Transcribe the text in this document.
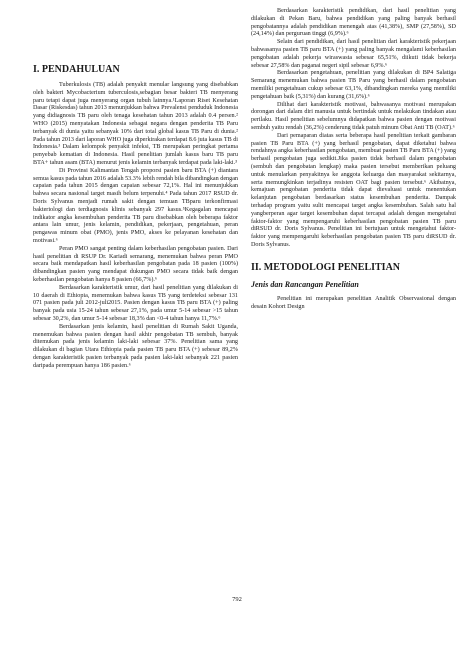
I. PENDAHULUAN

Tuberkulosis (TB) adalah penyakit menular langsung yang disebabkan oleh bakteri Mycobacterium tuberculosis,sebagian besar bakteri TB menyerang paru tetapi dapat juga menyerang organ tubuh lainnya.¹Laporan Riset Kesehatan Dasar (Riskesdas) tahun 2013 menunjukkan bahwa Prevalensi penduduk Indonesia yang didiagnosis TB paru oleh tenaga kesehatan tahun 2013 adalah 0.4 persen.² WHO (2015) menyatakan Indonesia sebagai negara dengan penderita TB Paru terbanyak di dunia yaitu sebanyak 10% dari total global kasus TB Paru di dunia.² Pada tahun 2013 dari laporan WHO juga diperkirakan terdapat 8.6 juta kasus TB di Indonesia.³ Dalam kelompok penyakit infeksi, TB merupakan peringkat pertama penyebab kematian di Indonesia. Hasil penelitian jumlah kasus baru TB paru BTA+ tahun asam (BTA) menurut jenis kelamin terbanyak terdapat pada laki-laki.³

Di Provinsi Kalimantan Tengah proporsi pasien baru BTA (+) diantara semua kasus pada tahun 2016 adalah 53.3% lebih rendah bila dibandingkan dengan capaian pada tahun 2015 dengan capaian sebesar 72,1%. Hal ini menunjukkan bahwa secara nasional target masih belum terpenuhi.⁴ Pada tahun 2017 RSUD dr. Doris Sylvanus menjadi rumah sakit dengan temuan TBparu terkonfirmasi bakteriologi dan terdiagnosis klinis sebanyak 297 kasus.⁵Kegagalan mencapai indikator angka kesembuhan penderita TB paru disebabkan oleh beberapa faktor antara lain umur, jenis kelamin, pendidikan, pekerjaan, pengetahuan, peran pengawas minum obat (PMO), jenis PMO, akses ke pelayanan kesehatan dan motivasi.⁶

Peran PMO sangat penting dalam keberhasilan pengobatan pasien. Dari hasil penelitian di RSUP Dr. Kariadi semarang, menemukan bahwa peran PMO secara baik mendapatkan hasil keberhasilan pengobatan pada 18 pasien (100%) dibandingkan pasien yang mendapat dukungan PMO secara tidak baik dengan keberhasilan pengobatan hanya 8 pasien (66,7%).⁶

Berdasarkan karakteristik umur, dari hasil penelitian yang dilakukan di 10 daerah di Ethiopia, menemukan bahwa kasus TB yang terdeteksi sebesar 131 071 pasien pada juli 2012-juli2015. Pasien dengan kasus TB paru BTA (+) paling banyak pada usia 15-24 tahun sebesar 27,1%, pada umur 5-14 sebesar >15 tahun sebesar 30,2%, dan umur 5-14 sebesar 18,3% dan <0-4 tahun hanya 11,7%.⁶

Berdasarkan jenis kelamin, hasil penelitian di Rumah Sakit Uganda, menemukan bahwa pasien dengan hasil akhir pengobatan TB sembuh, banyak ditemukan pada jenis kelamin laki-laki sebesar 37%. Penelitian sama yang dilakukan di bagian Utara Ethiopia pada pasien TB paru BTA (+) sebesar 89,2% dengan karakteristik pasien terbanyak pada pasien laki-laki sebanyak 221 pasien daripada perempuan hanya 186 pasien.⁶

Berdasarkan karakteristik pendidikan, dari hasil penelitian yang dilakukan di Pekan Baru, bahwa pendidikan yang paling banyak berhasil pengobatannya adalah pendidikan menengah atas (41,38%), SMP (27,58%), SD (24,14%) dan perguruan tinggi (6,9%).⁶

Selain dari pendidikan, dari hasil penelitian dari karakteristik pekerjaan bahwasanya pasien TB paru BTA (+) yang paling banyak mengalami keberhasilan pengobatan adalah pekerja wiraswasta sebesar 65,51%, diikuti tidak bekerja sebesar 27,58% dan paganai negeri sipil sebesar 6,9%.⁶

Berdasarkan pengetahuan, penelitian yang dilakukan di BP4 Salatiga Semarang menemukan bahwa pasien TB Paru yang berhasil dalam pengobatan memiliki pengetahuan cukup sebesar 63,1%, dibandingkan mereka yang memiliki pengetahuan baik (5,31%) dan kurang (31,6%).⁶

Dilihat dari karakteristik motivasi, bahwasanya motivasi merupakan dorongan dari dalam diri manusia untuk bertindak untuk melakukan tindakan atau perilaku. Hasil penelitian sebelumnya didapatkan bahwa pasien dengan motivasi sembuh yaitu rendah (36,2%) cenderung tidak patuh minum Obat Anti TB (OAT).⁶

Dari pemaparan diatas serta beberapa hasil penelitian terkait gambaran pasien TB Paru BTA (+) yang berhasil pengobatan, dapat diketahui bahwa rendahnya angka keberhasilan pengobatan, membuat pasien TB Paru BTA (+) yang berhasil pengobatan juga sedikit.Jika pasien tidak berhasil dalam pengobatan (sembuh dan pengobatan lengkap) maka pasien tersebut memberikan peluang untuk menularkan penyakitnya ke anggota keluarga dan masyarakat sekitarnya, serta memungkinkan terjadinya resisten OAT bagi pasien tersebut.⁶ Akibatnya, kemajuan pengobatan penderita tidak dapat dievaluasi untuk menentukan kelanjutan pengobatan berdasarkan status kesembuhan penderita. Dampak terhadap program yaitu sulit mencapai target angka kesembuhan. Salah satu hal yangberperan agar target kesembuhan dapat tercapai adalah dengan mengetahui faktor-faktor yang mempengaruhi keberhasilan pengobatan pasien TB paru diRSUD dr. Doris Sylvanus. Penelitian ini bertujuan untuk mengetahui faktor-faktor yang mempengaruhi keberhasilan pengobatan pasien TB paru diRSUD dr. Doris Sylvanus.

II. METODOLOGI PENELITIAN
Jenis dan Rancangan Penelitian

Penelitian ini merupakan penelitian Analitik Observasional dengan desain Kohort Design

792
